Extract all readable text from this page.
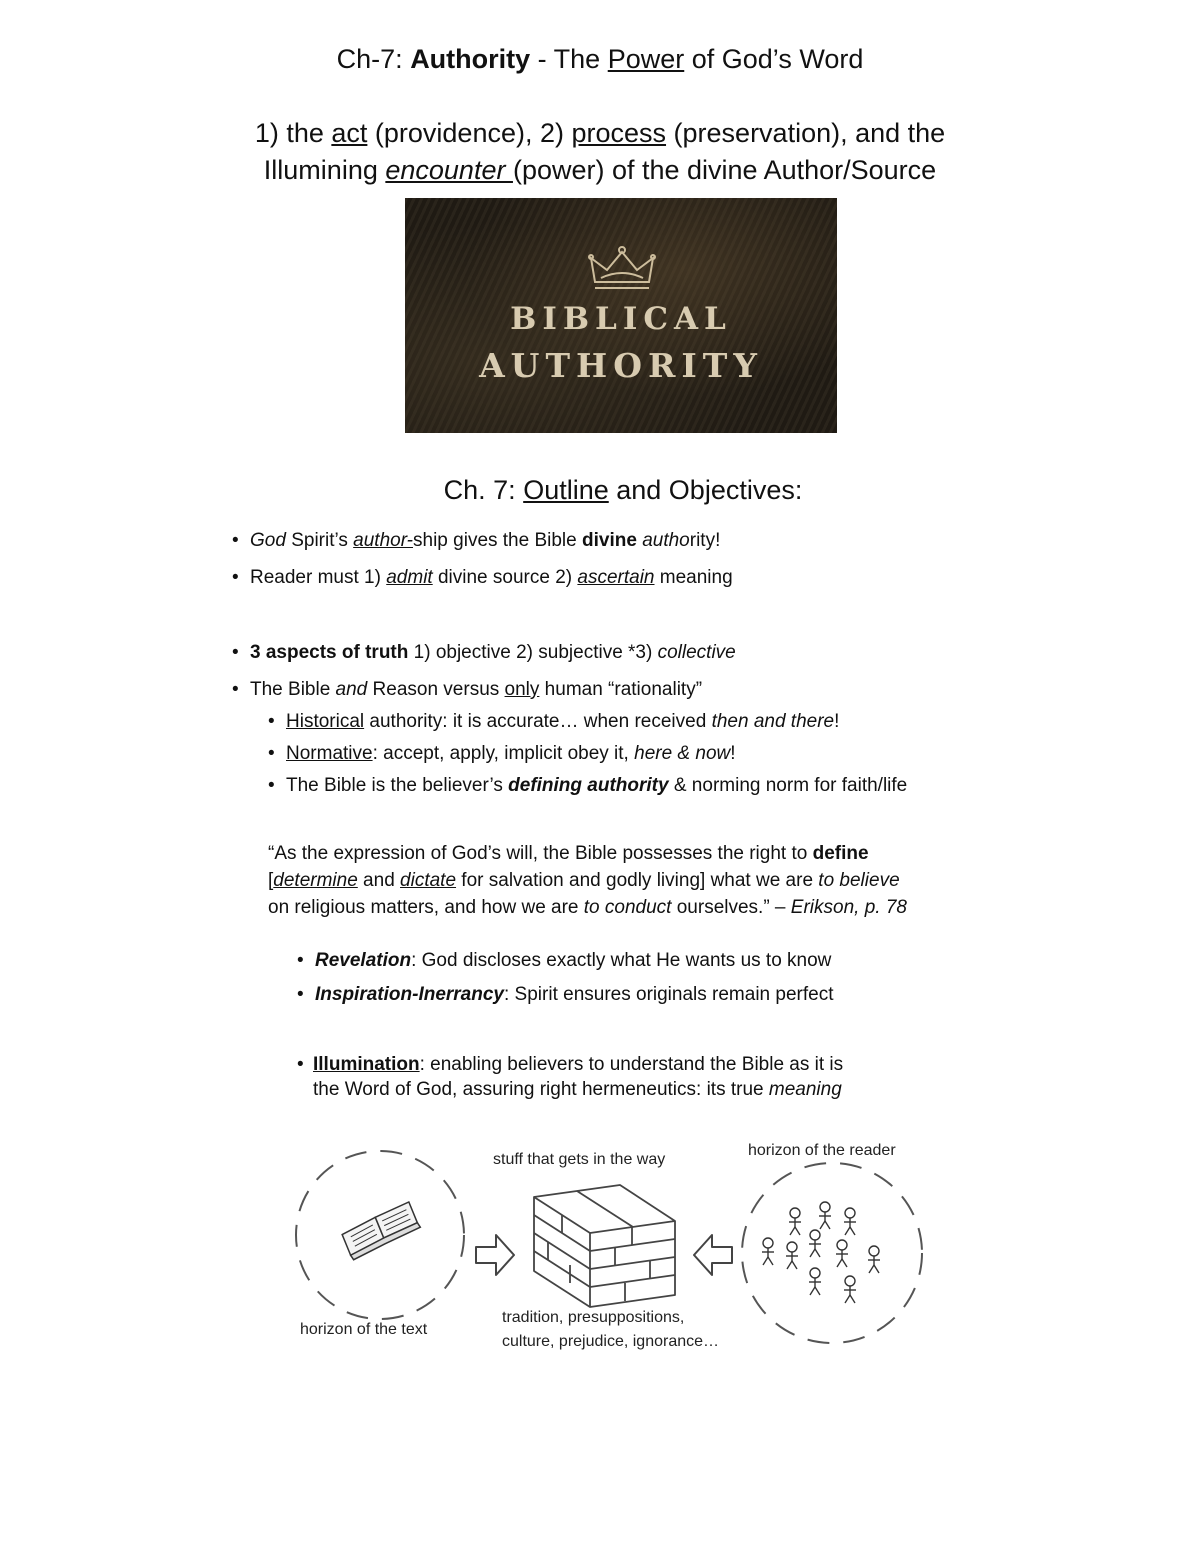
Ch-7: Authority - The Power of God’s Word
1) the act (providence), 2) process (preservation), and the
Illumining encounter (power) of the divine Author/Source
BIBLICAL
AUTHORITY
Ch. 7: Outline and Objectives:
• God Spirit’s author-ship gives the Bible divine authority!
• Reader must 1) admit divine source 2) ascertain meaning
• 3 aspects of truth 1) objective 2) subjective *3) collective
• The Bible and Reason versus only human “rationality”
• Historical authority: it is accurate… when received then and there!
• Normative: accept, apply, implicit obey it, here & now!
• The Bible is the believer’s defining authority & norming norm for faith/life
“As the expression of God’s will, the Bible possesses the right to define
[determine and dictate for salvation and godly living] what we are to believe
on religious matters, and how we are to conduct ourselves.” – Erikson, p. 78
• Revelation: God discloses exactly what He wants us to know
• Inspiration-Inerrancy: Spirit ensures originals remain perfect
• Illumination: enabling believers to understand the Bible as it is
the Word of God, assuring right hermeneutics: its true meaning
stuff that gets in the way
horizon of the reader
horizon of the text
tradition, presuppositions,
culture, prejudice, ignorance…
